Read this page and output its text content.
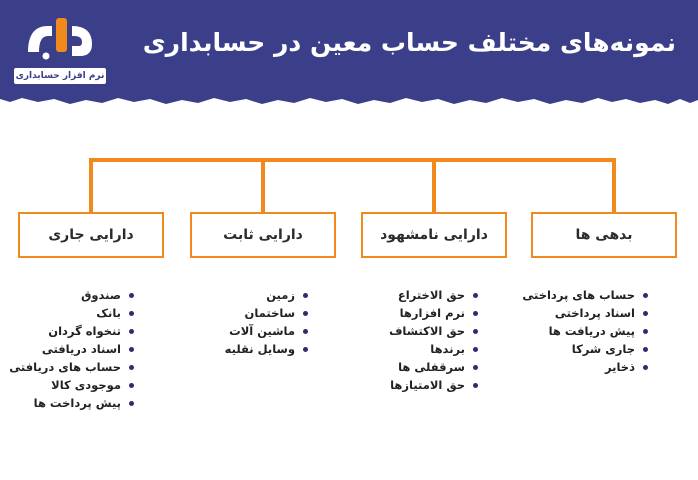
نرم افزار حسابداری
نمونه‌های مختلف حساب معین در حسابداری
بدهی ها
دارایی نامشهود
دارایی ثابت
دارایی جاری
حساب های پرداختی
اسناد پرداختی
پیش دریافت ها
جاری شرکا
ذخایر
حق الاختراع
نرم افزارها
حق الاکتشاف
برندها
سرقفلی ها
حق الامتیازها
زمین
ساختمان
ماشین آلات
وسایل نقلیه
صندوق
بانک
تنخواه گردان
اسناد دریافتی
حساب های دریافتی
موجودی کالا
پیش پرداخت ها
